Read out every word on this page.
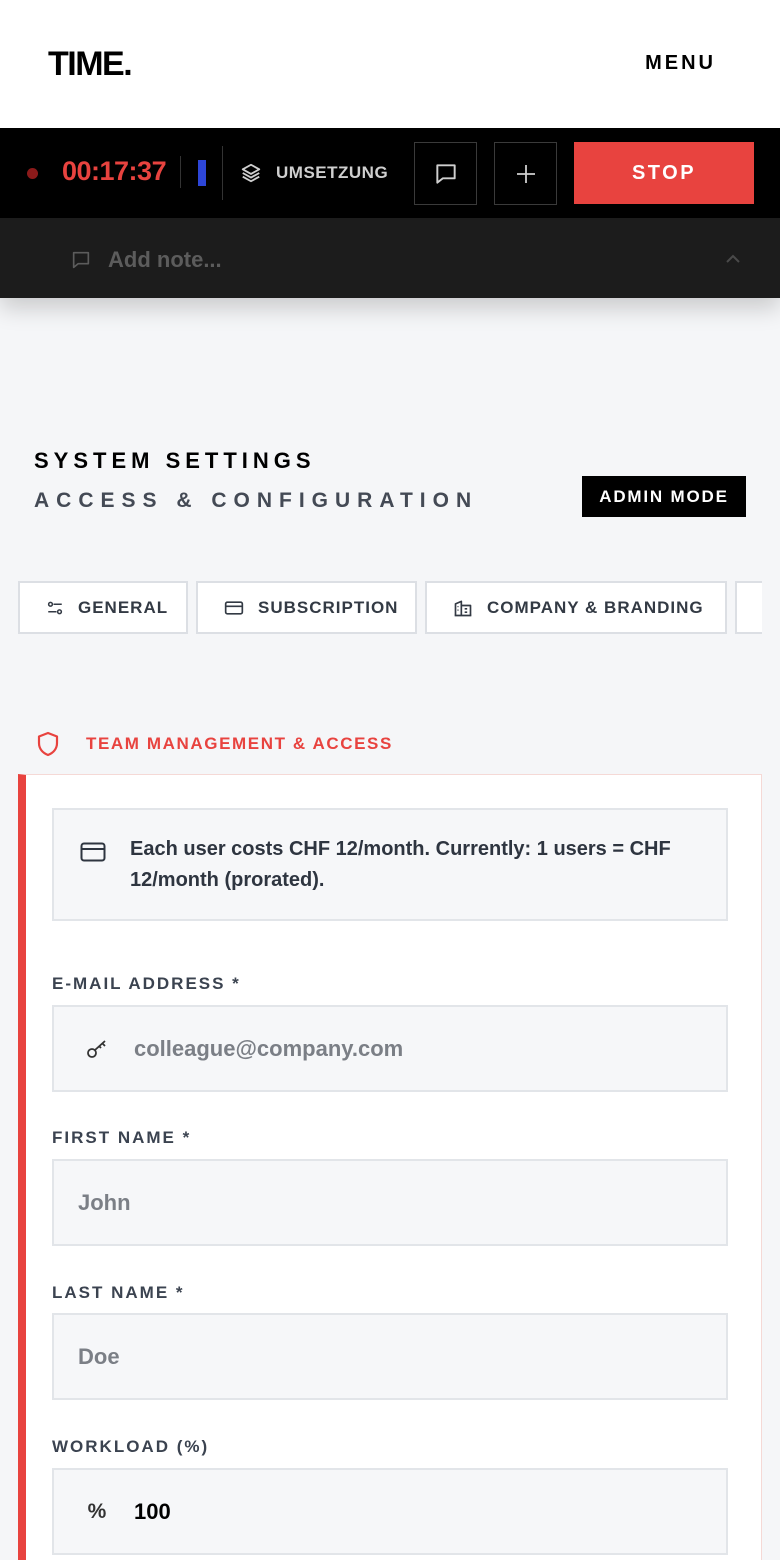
TIME.	MENU
00:17:37	UMSETZUNG	STOP
Add note...
SYSTEM SETTINGS
ACCESS & CONFIGURATION	ADMIN MODE
GENERAL	SUBSCRIPTION	COMPANY & BRANDING
TEAM MANAGEMENT & ACCESS
Each user costs CHF 12/month. Currently: 1 users = CHF 12/month (prorated).
E-MAIL ADDRESS *
colleague@company.com
FIRST NAME *
John
LAST NAME *
Doe
WORKLOAD (%)
%
100
